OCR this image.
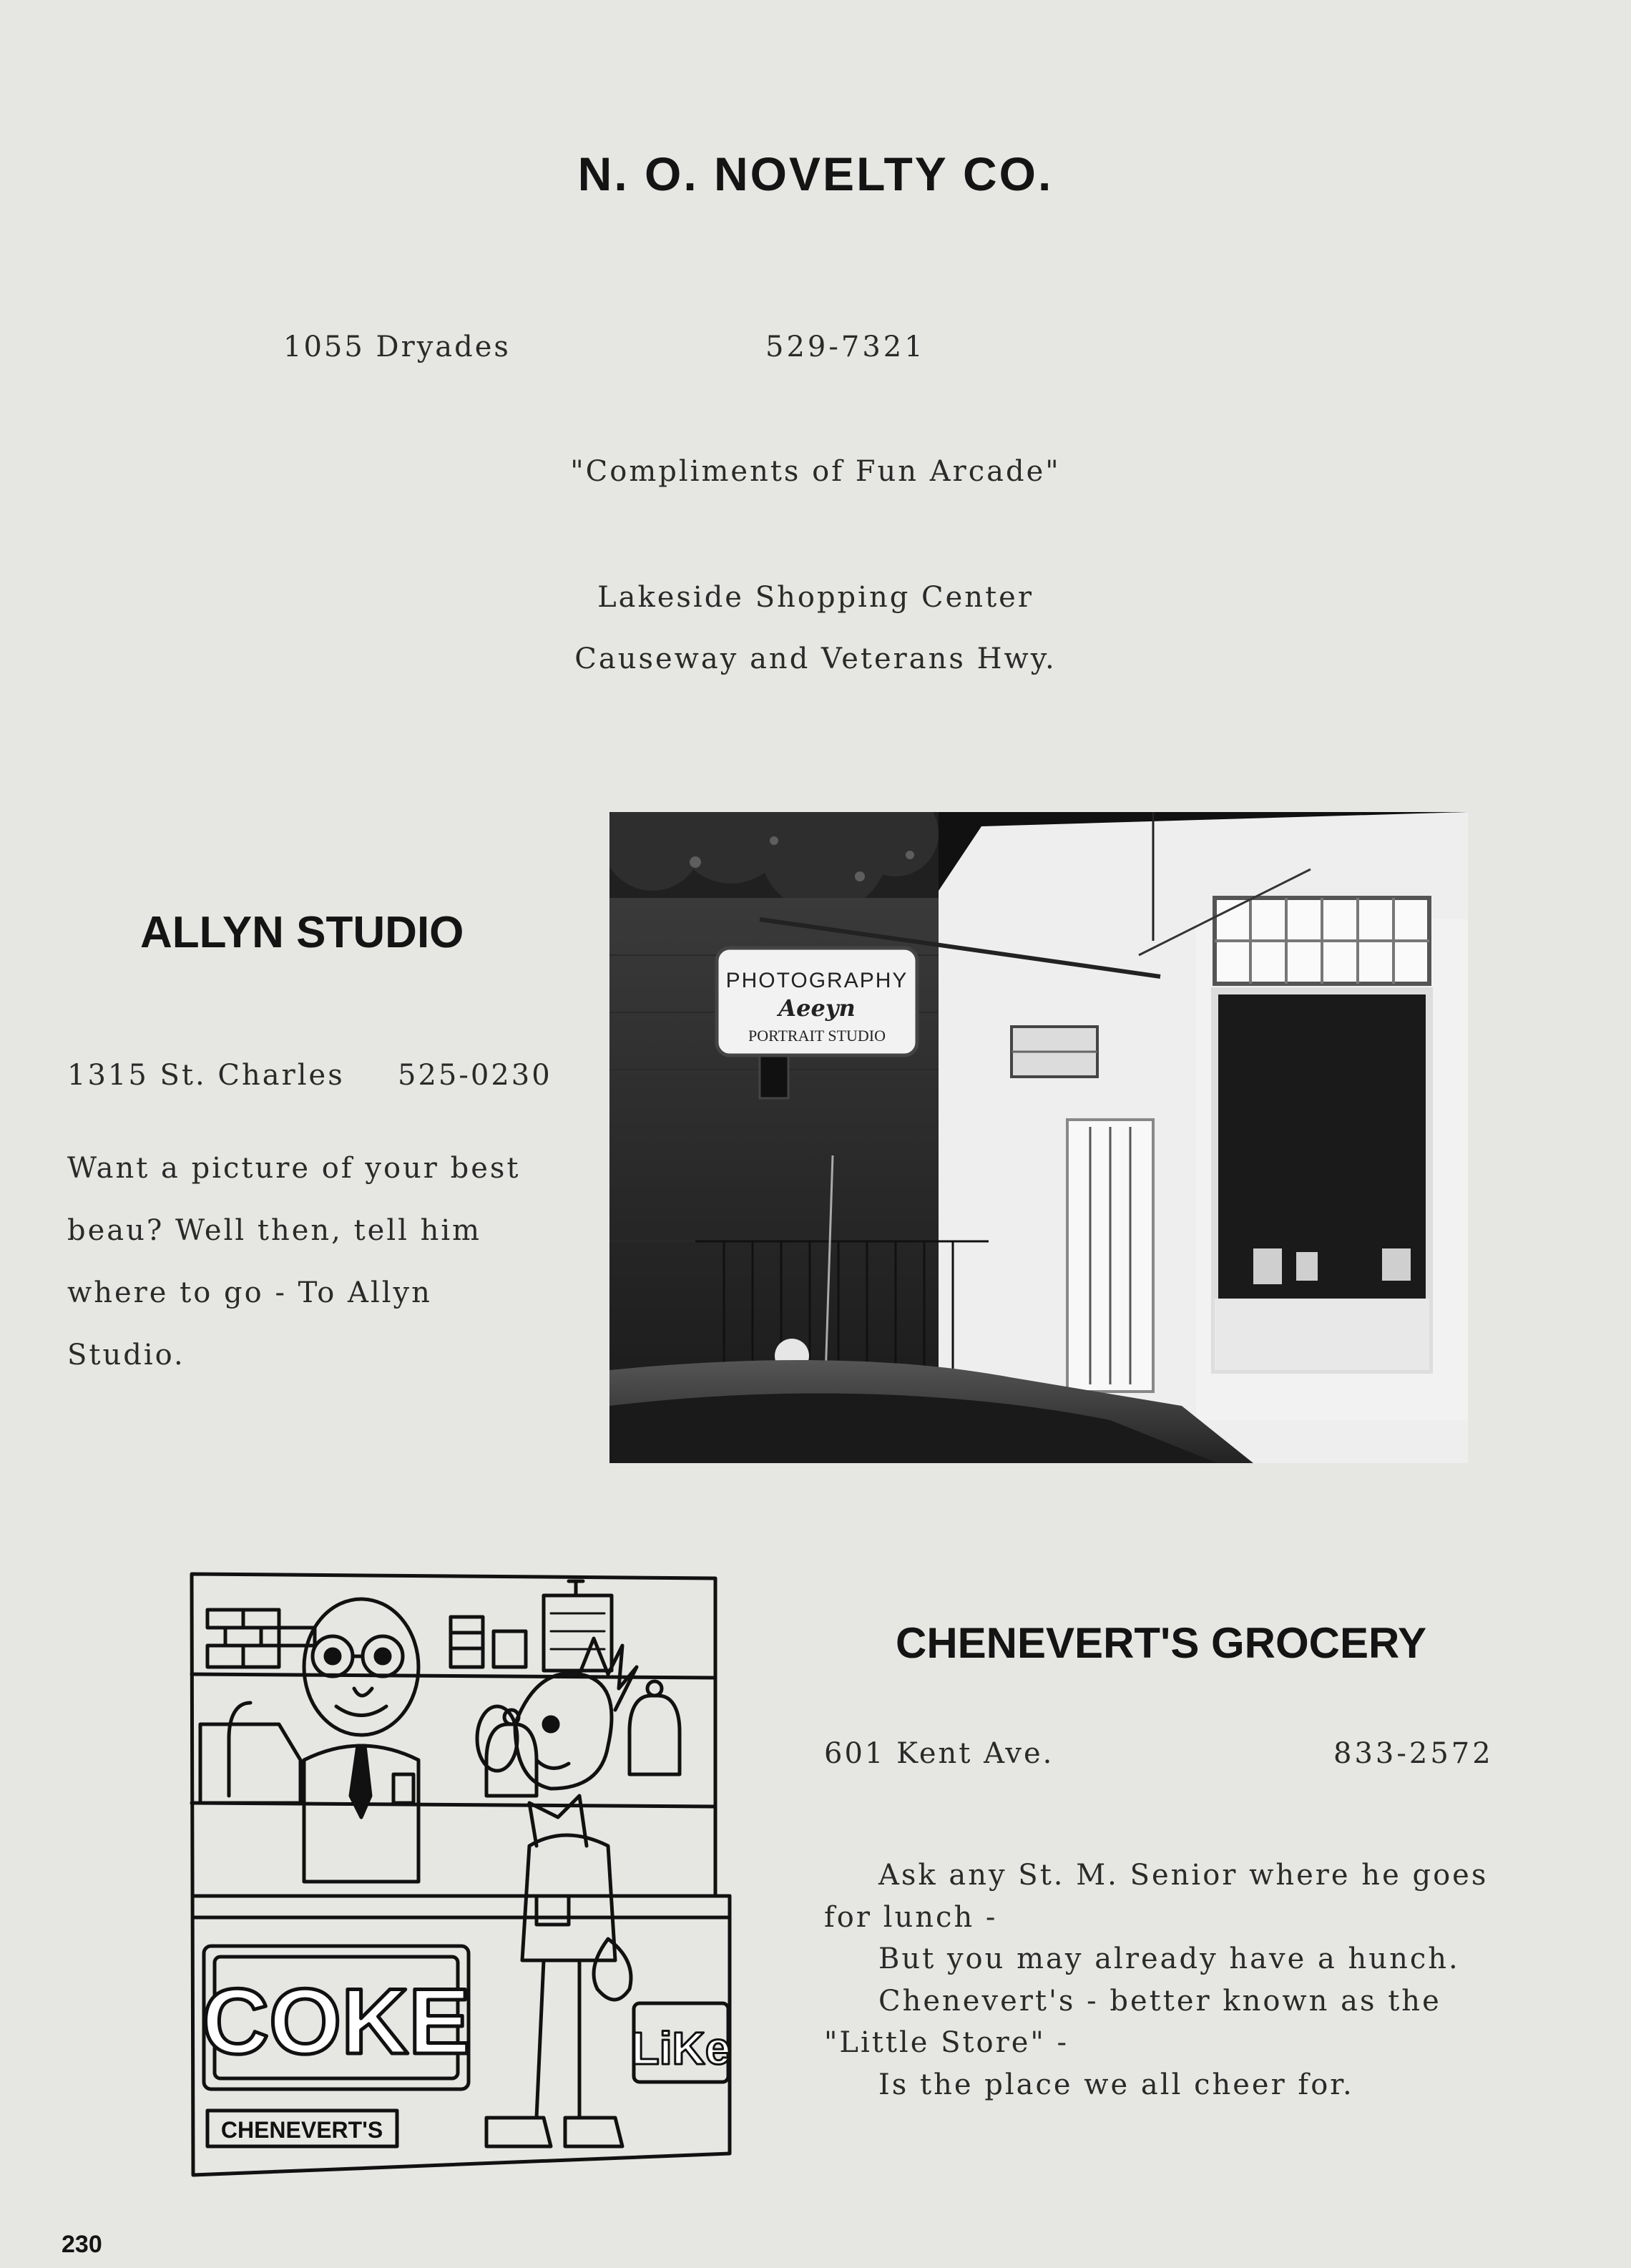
N. O. NOVELTY CO.
1055 Dryades	529-7321
"Compliments of Fun Arcade"
Lakeside Shopping Center
Causeway and Veterans Hwy.
ALLYN STUDIO
1315 St. Charles 525-0230
Want a picture of your best
beau? Well then, tell him
where to go - To Allyn
Studio.
PHOTOGRAPHY
Aeeyn
PORTRAIT STUDIO
CHENEVERT'S GROCERY
601 Kent Ave.	833-2572
Ask any St. M. Senior where he goes
for lunch -
But you may already have a hunch.
Chenevert's - better known as the
"Little Store" -
Is the place we all cheer for.
COKE	LiKe
CHENEVERT'S
230
